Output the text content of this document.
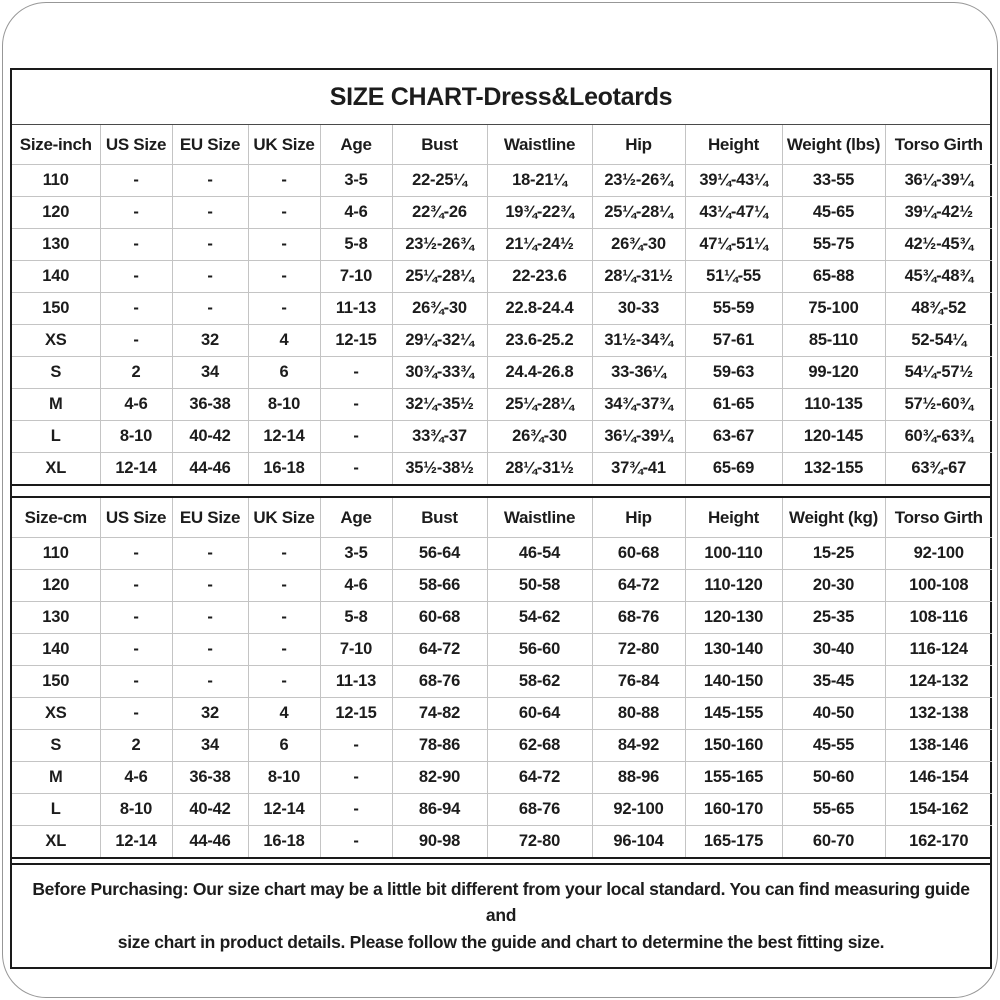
SIZE CHART-Dress&Leotards
Size-inch	US Size	EU Size	UK Size	Age	Bust	Waistline	Hip	Height	Weight (lbs)	Torso Girth
110	-	-	-	3-5	22-25¼	18-21¼	23½-26¾	39¼-43¼	33-55	36¼-39¼
120	-	-	-	4-6	22¾-26	19¾-22¾	25¼-28¼	43¼-47¼	45-65	39¼-42½
130	-	-	-	5-8	23½-26¾	21¼-24½	26¾-30	47¼-51¼	55-75	42½-45¾
140	-	-	-	7-10	25¼-28¼	22-23.6	28¼-31½	51¼-55	65-88	45¾-48¾
150	-	-	-	11-13	26¾-30	22.8-24.4	30-33	55-59	75-100	48¾-52
XS	-	32	4	12-15	29¼-32¼	23.6-25.2	31½-34¾	57-61	85-110	52-54¼
S	2	34	6	-	30¾-33¾	24.4-26.8	33-36¼	59-63	99-120	54¼-57½
M	4-6	36-38	8-10	-	32¼-35½	25¼-28¼	34¾-37¾	61-65	110-135	57½-60¾
L	8-10	40-42	12-14	-	33¾-37	26¾-30	36¼-39¼	63-67	120-145	60¾-63¾
XL	12-14	44-46	16-18	-	35½-38½	28¼-31½	37¾-41	65-69	132-155	63¾-67
Size-cm	US Size	EU Size	UK Size	Age	Bust	Waistline	Hip	Height	Weight (kg)	Torso Girth
110	-	-	-	3-5	56-64	46-54	60-68	100-110	15-25	92-100
120	-	-	-	4-6	58-66	50-58	64-72	110-120	20-30	100-108
130	-	-	-	5-8	60-68	54-62	68-76	120-130	25-35	108-116
140	-	-	-	7-10	64-72	56-60	72-80	130-140	30-40	116-124
150	-	-	-	11-13	68-76	58-62	76-84	140-150	35-45	124-132
XS	-	32	4	12-15	74-82	60-64	80-88	145-155	40-50	132-138
S	2	34	6	-	78-86	62-68	84-92	150-160	45-55	138-146
M	4-6	36-38	8-10	-	82-90	64-72	88-96	155-165	50-60	146-154
L	8-10	40-42	12-14	-	86-94	68-76	92-100	160-170	55-65	154-162
XL	12-14	44-46	16-18	-	90-98	72-80	96-104	165-175	60-70	162-170
Before Purchasing: Our size chart may be a little bit different from your local standard. You can find measuring guide and
size chart in product details. Please follow the guide and chart to determine the best fitting size.
